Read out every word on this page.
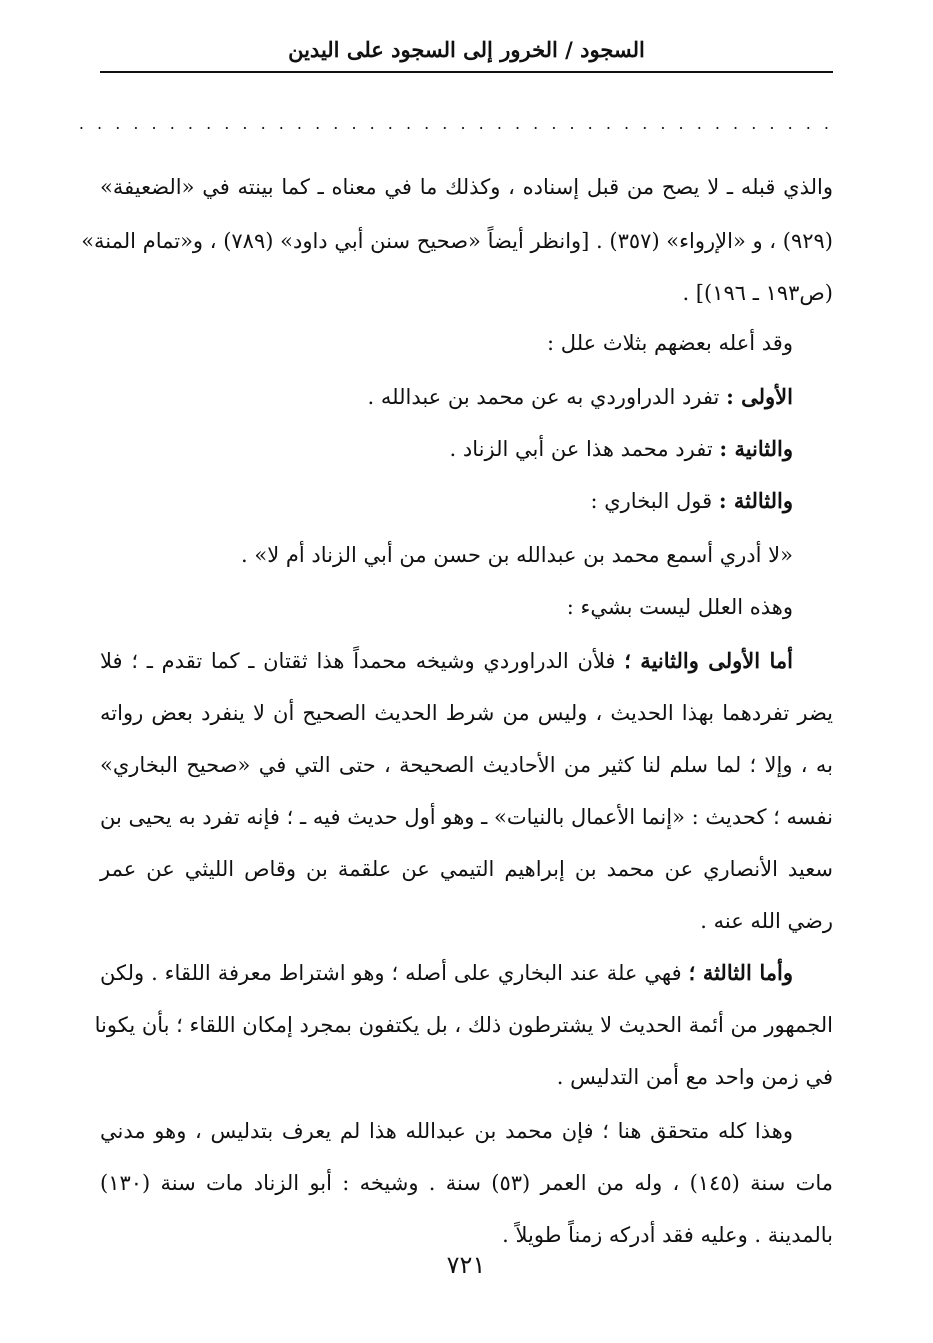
السجود / الخرور إلى السجود على اليدين
. . . . . . . . . . . . . . . . . . . . . . . . . . . . . . . . . . . . . . . . . .
والذي قبله ـ لا يصح من قبل إسناده ، وكذلك ما في معناه ـ كما بينته في «الضعيفة»
(٩٢٩) ، و «الإرواء» (٣٥٧) . [وانظر أيضاً «صحيح سنن أبي داود» (٧٨٩) ، و«تمام المنة»
(ص١٩٣ ـ ١٩٦)] .
وقد أعله بعضهم بثلاث علل :
الأولى : تفرد الدراوردي به عن محمد بن عبدالله .
والثانية : تفرد محمد هذا عن أبي الزناد .
والثالثة : قول البخاري :
«لا أدري أسمع محمد بن عبدالله بن حسن من أبي الزناد أم لا» .
وهذه العلل ليست بشيء :
أما الأولى والثانية ؛ فلأن الدراوردي وشيخه محمداً هذا ثقتان ـ كما تقدم ـ ؛ فلا
يضر تفردهما بهذا الحديث ، وليس من شرط الحديث الصحيح أن لا ينفرد بعض رواته
به ، وإلا ؛ لما سلم لنا كثير من الأحاديث الصحيحة ، حتى التي في «صحيح البخاري»
نفسه ؛ كحديث : «إنما الأعمال بالنيات» ـ وهو أول حديث فيه ـ ؛ فإنه تفرد به يحيى بن
سعيد الأنصاري عن محمد بن إبراهيم التيمي عن علقمة بن وقاص الليثي عن عمر
رضي الله عنه .
وأما الثالثة ؛ فهي علة عند البخاري على أصله ؛ وهو اشتراط معرفة اللقاء . ولكن
الجمهور من أئمة الحديث لا يشترطون ذلك ، بل يكتفون بمجرد إمكان اللقاء ؛ بأن يكونا
في زمن واحد مع أمن التدليس .
وهذا كله متحقق هنا ؛ فإن محمد بن عبدالله هذا لم يعرف بتدليس ، وهو مدني
مات سنة (١٤٥) ، وله من العمر (٥٣) سنة . وشيخه : أبو الزناد مات سنة (١٣٠)
بالمدينة . وعليه فقد أدركه زمناً طويلاً .
٧٢١
